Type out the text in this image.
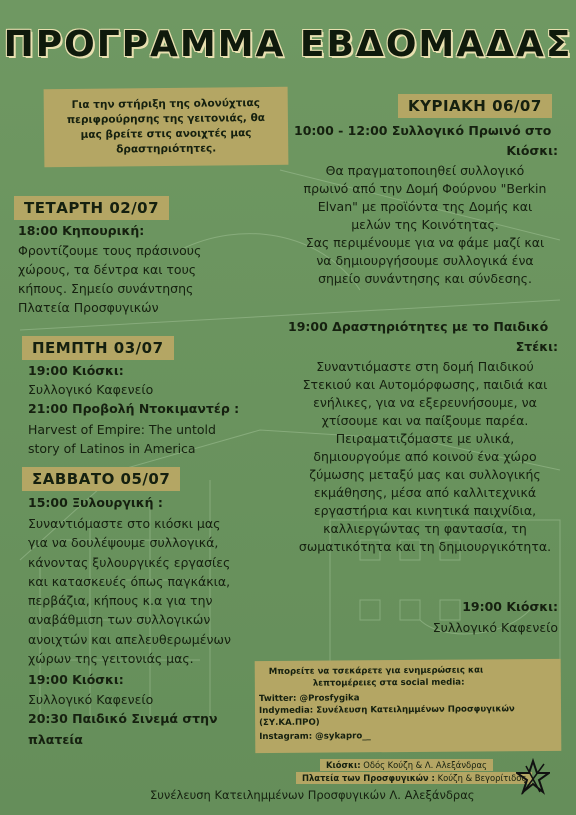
ΠΡΟΓΡΑΜΜΑ ΕΒΔΟΜΑΔΑΣ
Για την στήριξη της ολονύχτιας
περιφρούρησης της γειτονιάς, θα
μας βρείτε στις ανοιχτές μας
δραστηριότητες.
ΤΕΤΑΡΤΗ 02/07
18:00 Κηπουρική:
Φροντίζουμε τους πράσινους
χώρους, τα δέντρα και τους
κήπους. Σημείο συνάντησης
Πλατεία Προσφυγικών
ΠΕΜΠΤΗ 03/07
19:00 Κιόσκι:
Συλλογικό Καφενείο
21:00 Προβολή Ντοκιμαντέρ :
Harvest of Empire: The untold
story of Latinos in America
ΣΑΒΒΑΤΟ 05/07
15:00 Ξυλουργική :
Συναντιόμαστε στο κιόσκι μας
για να δουλέψουμε συλλογικά,
κάνοντας ξυλουργικές εργασίες
και κατασκευές όπως παγκάκια,
περβάζια, κήπους κ.α για την
αναβάθμιση των συλλογικών
ανοιχτών και απελευθερωμένων
χώρων της γειτονιάς μας.
19:00 Κιόσκι:
Συλλογικό Καφενείο
20:30 Παιδικό Σινεμά στην
πλατεία
ΚΥΡΙΑΚΗ 06/07
10:00 - 12:00 Συλλογικό Πρωινό στο
Κιόσκι:
Θα πραγματοποιηθεί συλλογικό
πρωινό από την Δομή Φούρνου "Berkin
Elvan" με προϊόντα της Δομής και
μελών της Κοινότητας.
Σας περιμένουμε για να φάμε μαζί και
να δημιουργήσουμε συλλογικά ένα
σημείο συνάντησης και σύνδεσης.
19:00 Δραστηριότητες με το Παιδικό
Στέκι:
Συναντιόμαστε στη δομή Παιδικού
Στεκιού και Αυτομόρφωσης, παιδιά και
ενήλικες, για να εξερευνήσουμε, να
χτίσουμε και να παίξουμε παρέα.
Πειραματιζόμαστε με υλικά,
δημιουργούμε από κοινού ένα χώρο
ζύμωσης μεταξύ μας και συλλογικής
εκμάθησης, μέσα από καλλιτεχνικά
εργαστήρια και κινητικά παιχνίδια,
καλλιεργώντας τη φαντασία, τη
σωματικότητα και τη δημιουργικότητα.
19:00 Κιόσκι:
Συλλογικό Καφενείο
Μπορείτε να τσεκάρετε για ενημερώσεις και
λεπτομέρειες στα social media:
Twitter: @Prosfygika
Indymedia: Συνέλευση Κατειλημμένων Προσφυγικών
(ΣΥ.ΚΑ.ΠΡΟ)
Instagram: @sykapro__
Κιόσκι: Οδός Κούζη & Λ. Αλεξάνδρας
Πλατεία των Προσφυγικών : Κούζη & Βεγορίτιδος
Συνέλευση Κατειλημμένων Προσφυγικών Λ. Αλεξάνδρας
